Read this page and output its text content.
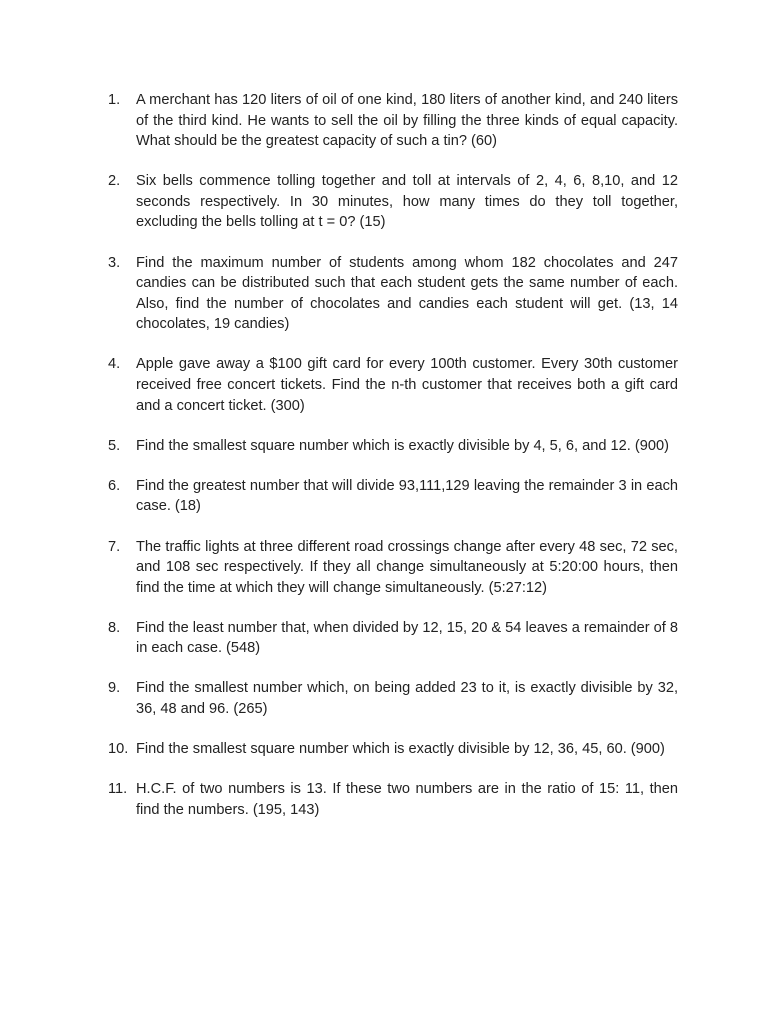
1.	A merchant has 120 liters of oil of one kind, 180 liters of another kind, and 240 liters of the third kind. He wants to sell the oil by filling the three kinds of equal capacity. What should be the greatest capacity of such a tin? (60)
2.	Six bells commence tolling together and toll at intervals of 2, 4, 6, 8,10, and 12 seconds respectively. In 30 minutes, how many times do they toll together, excluding the bells tolling at t = 0? (15)
3.	Find the maximum number of students among whom 182 chocolates and 247 candies can be distributed such that each student gets the same number of each. Also, find the number of chocolates and candies each student will get. (13, 14 chocolates, 19 candies)
4.	Apple gave away a $100 gift card for every 100th customer. Every 30th customer received free concert tickets. Find the n-th customer that receives both a gift card and a concert ticket. (300)
5.	Find the smallest square number which is exactly divisible by 4, 5, 6, and 12. (900)
6.	Find the greatest number that will divide 93,111,129 leaving the remainder 3 in each case. (18)
7.	The traffic lights at three different road crossings change after every 48 sec, 72 sec, and 108 sec respectively. If they all change simultaneously at 5:20:00 hours, then find the time at which they will change simultaneously. (5:27:12)
8.	Find the least number that, when divided by 12, 15, 20 & 54 leaves a remainder of 8 in each case. (548)
9.	Find the smallest number which, on being added 23 to it, is exactly divisible by 32, 36, 48 and 96. (265)
10. Find the smallest square number which is exactly divisible by 12, 36, 45, 60. (900)
11. H.C.F. of two numbers is 13. If these two numbers are in the ratio of 15: 11, then find the numbers. (195, 143)
